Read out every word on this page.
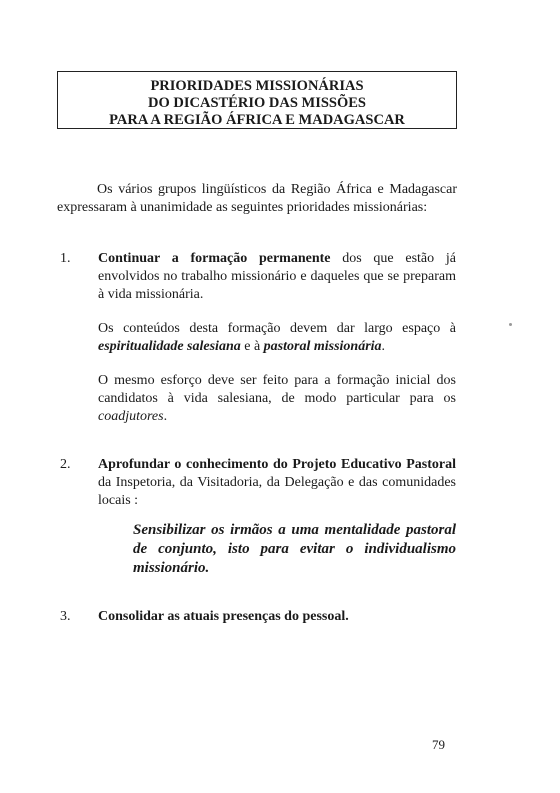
PRIORIDADES MISSIONÁRIAS
DO DICASTÉRIO DAS MISSÕES
PARA A REGIÃO ÁFRICA E MADAGASCAR
Os vários grupos lingüísticos da Região África e Madagascar expressaram à unanimidade as seguintes prioridades missionárias:
1. Continuar a formação permanente dos que estão já envolvidos no trabalho missionário e daqueles que se preparam à vida missionária.
Os conteúdos desta formação devem dar largo espaço à espiritualidade salesiana e à pastoral missionária.
O mesmo esforço deve ser feito para a formação inicial dos candidatos à vida salesiana, de modo particular para os coadjutores.
2. Aprofundar o conhecimento do Projeto Educativo Pastoral da Inspetoria, da Visitadoria, da Delegação e das comunidades locais :
Sensibilizar os irmãos a uma mentalidade pastoral de conjunto, isto para evitar o individualismo missionário.
3. Consolidar as atuais presenças do pessoal.
79
